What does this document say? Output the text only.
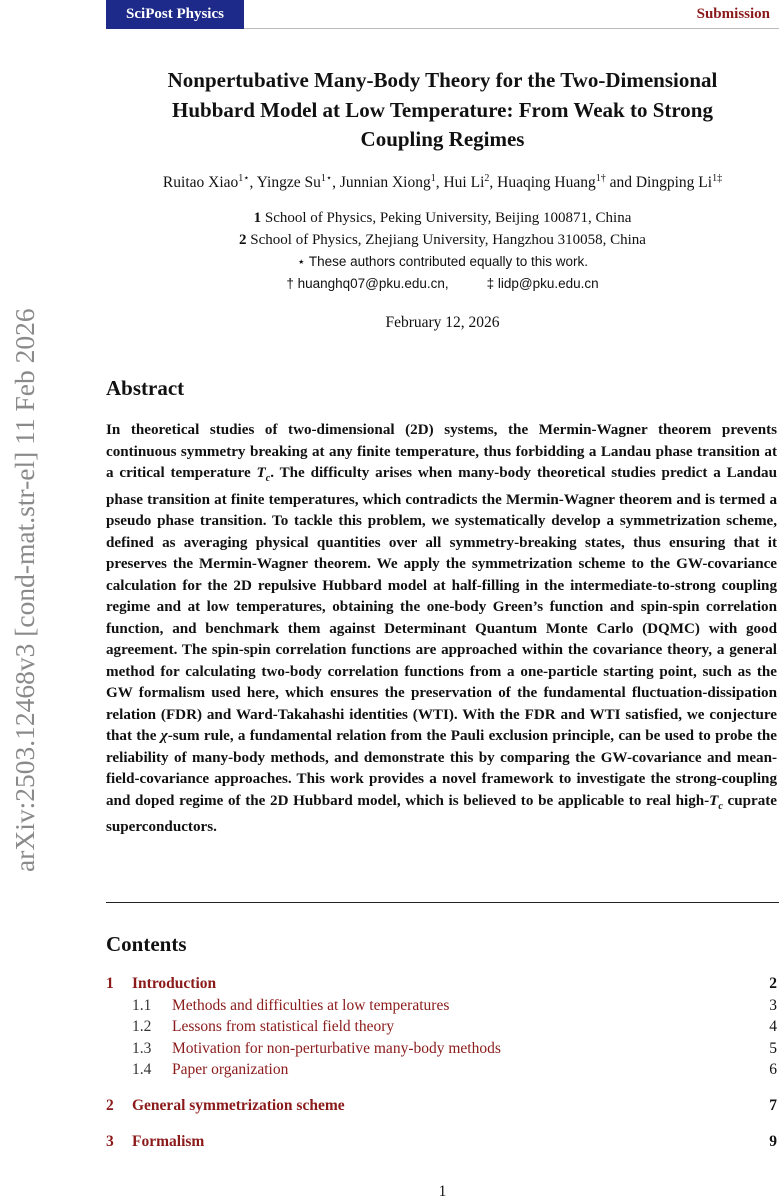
arXiv:2503.12468v3 [cond-mat.str-el] 11 Feb 2026
SciPost Physics	Submission
Nonpertubative Many-Body Theory for the Two-Dimensional Hubbard Model at Low Temperature: From Weak to Strong Coupling Regimes
Ruitao Xiao$^{1⋆}$, Yingze $Su^{1⋆}$, Junnian Xiong$^1$, Hui Li$^2$, Huaqing Huang$^{1\dagger}$ and Dingping $Li^{1\ddagger}$
1 School of Physics, Peking University, Beijing 100871, China
2 School of Physics, Zhejiang University, Hangzhou 310058, China
⋆ These authors contributed equally to this work.
† huanghq07@pku.edu.cn,	‡ lidp@pku.edu.cn
February 12, 2026
Abstract
In theoretical studies of two-dimensional (2D) systems, the Mermin-Wagner theorem prevents continuous symmetry breaking at any finite temperature, thus forbidding a Landau phase transition at a critical temperature $T_c$. The difficulty arises when many-body theoretical studies predict a Landau phase transition at finite temperatures, which contradicts the Mermin-Wagner theorem and is termed a pseudo phase transition. To tackle this problem, we systematically develop a symmetrization scheme, defined as averaging physical quantities over all symmetry-breaking states, thus ensuring that it preserves the Mermin-Wagner theorem. We apply the symmetrization scheme to the GW-covariance calculation for the 2D repulsive Hubbard model at half-filling in the intermediate-to-strong coupling regime and at low temperatures, obtaining the one-body Green’s function and spin-spin correlation function, and benchmark them against Determinant Quantum Monte Carlo (DQMC) with good agreement. The spin-spin correlation functions are approached within the covariance theory, a general method for calculating two-body correlation functions from a one-particle starting point, such as the GW formalism used here, which ensures the preservation of the fundamental fluctuation-dissipation relation (FDR) and Ward-Takahashi identities (WTI). With the FDR and WTI satisfied, we conjecture that the χ-sum rule, a fundamental relation from the Pauli exclusion principle, can be used to probe the reliability of many-body methods, and demonstrate this by comparing the GW-covariance and mean-field-covariance approaches. This work provides a novel framework to investigate the strong-coupling and doped regime of the 2D Hubbard model, which is believed to be applicable to real high-$T_c$ cuprate superconductors.
Contents
1 Introduction	2
1.1 Methods and difficulties at low temperatures	3
1.2 Lessons from statistical field theory	4
1.3 Motivation for non-perturbative many-body methods	5
1.4 Paper organization	6
2 General symmetrization scheme	7
3 Formalism	9
1
